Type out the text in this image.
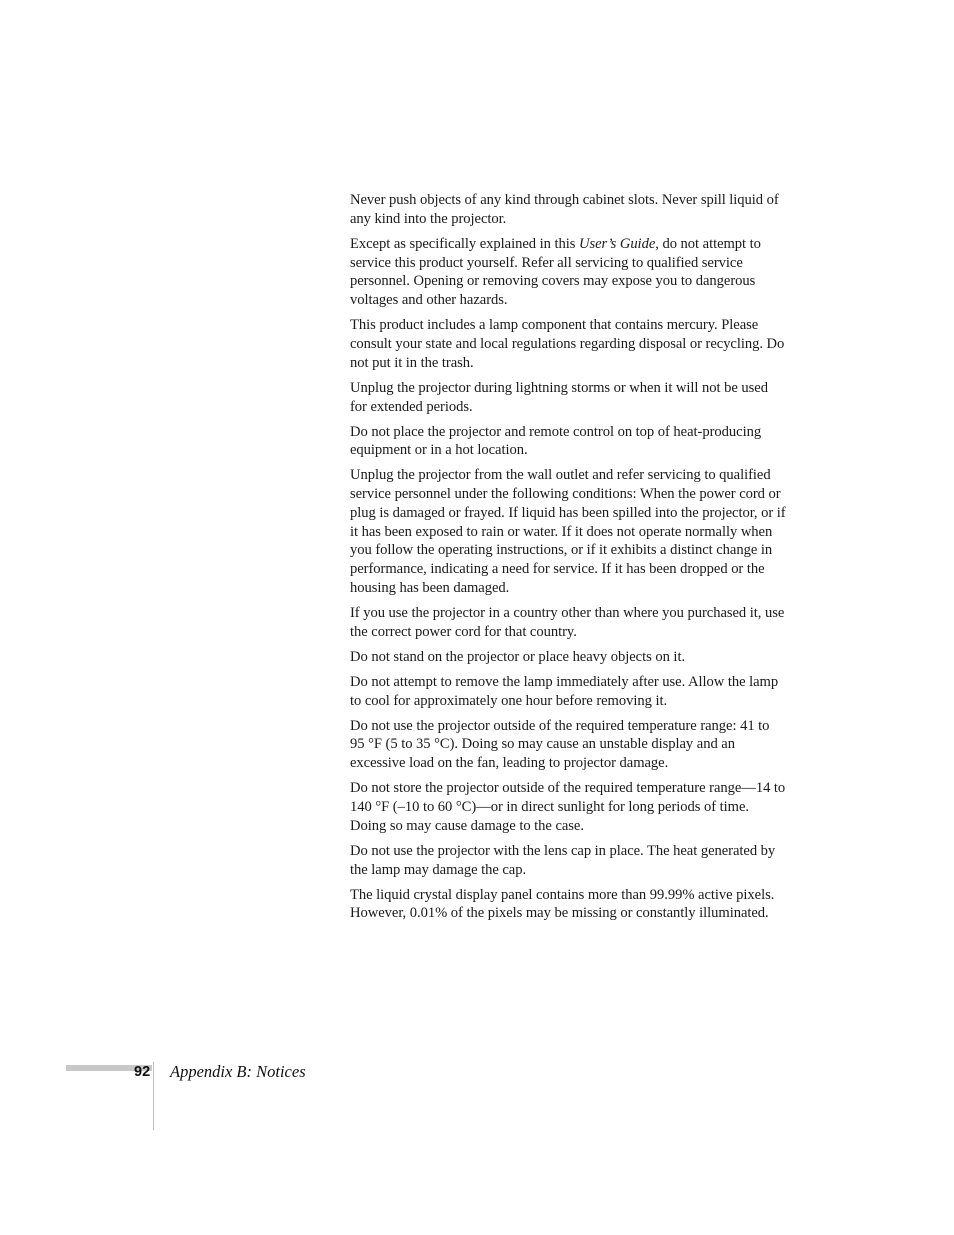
Never push objects of any kind through cabinet slots. Never spill liquid of any kind into the projector.

Except as specifically explained in this User’s Guide, do not attempt to service this product yourself. Refer all servicing to qualified service personnel. Opening or removing covers may expose you to dangerous voltages and other hazards.

This product includes a lamp component that contains mercury. Please consult your state and local regulations regarding disposal or recycling. Do not put it in the trash.

Unplug the projector during lightning storms or when it will not be used for extended periods.

Do not place the projector and remote control on top of heat-producing equipment or in a hot location.

Unplug the projector from the wall outlet and refer servicing to qualified service personnel under the following conditions: When the power cord or plug is damaged or frayed. If liquid has been spilled into the projector, or if it has been exposed to rain or water. If it does not operate normally when you follow the operating instructions, or if it exhibits a distinct change in performance, indicating a need for service. If it has been dropped or the housing has been damaged.

If you use the projector in a country other than where you purchased it, use the correct power cord for that country.

Do not stand on the projector or place heavy objects on it.

Do not attempt to remove the lamp immediately after use. Allow the lamp to cool for approximately one hour before removing it.

Do not use the projector outside of the required temperature range: 41 to 95 °F (5 to 35 °C). Doing so may cause an unstable display and an excessive load on the fan, leading to projector damage.

Do not store the projector outside of the required temperature range—14 to 140 °F (–10 to 60 °C)—or in direct sunlight for long periods of time. Doing so may cause damage to the case.

Do not use the projector with the lens cap in place. The heat generated by the lamp may damage the cap.

The liquid crystal display panel contains more than 99.99% active pixels. However, 0.01% of the pixels may be missing or constantly illuminated.

92 Appendix B: Notices
